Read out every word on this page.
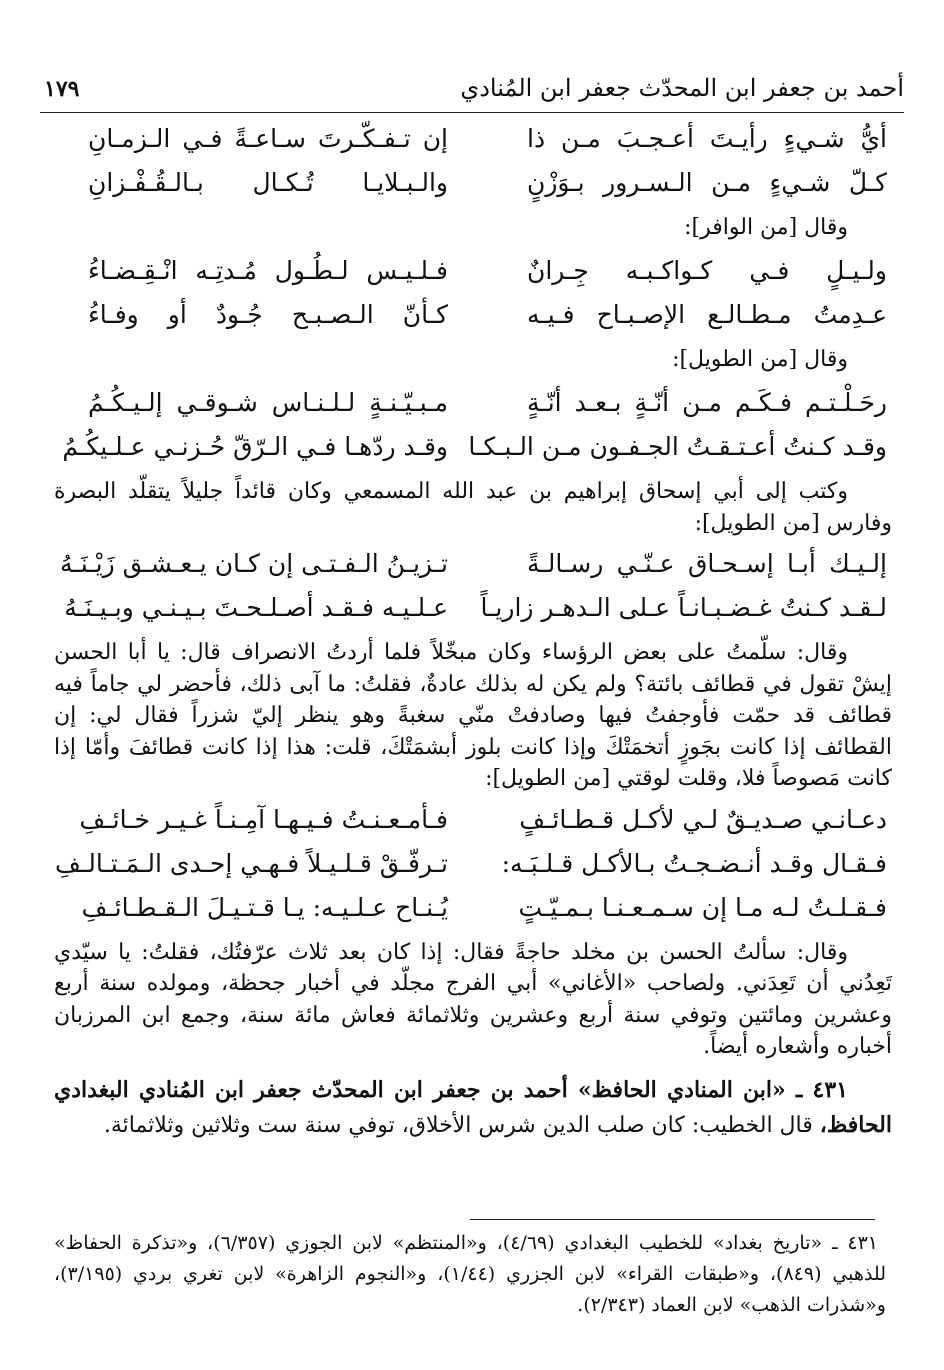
أحمد بن جعفر ابن المحدّث جعفر ابن المُنادي
١٧٩
أيُّ شـيءٍ رأيـتَ أعـجـبَ مـن ذا
إن تـفـكّـرتَ سـاعـةً فـي الـزمـانِ
كـلّ شـيءٍ مـن الـسـرور بـوَزْنٍ
والـبـلايـا تُـكـال بـالـقُـفْـزانِ
وقال [من الوافر]:
ولـيـلٍ فـي كـواكـبـه جِـرانٌ
فـلـيـس لـطُـول مُـدتِـه انْـقِـضـاءُ
عـدِمتُ مـطـالـع الإصـبـاح فـيـه
كـأنّ الـصـبـح جُـودٌ أو وفـاءُ
وقال [من الطويل]:
رحَـلْـتـم فـكَـم مـن أنّـةٍ بـعـد أنّـةٍ
مـبـيّـنـةٍ لـلـنـاس شـوقـي إلـيـكُـمُ
وقـد كـنتُ أعـتـقـتُ الجـفـون مـن الـبـكـا
وقـد ردّهـا فـي الـرّقّ حُـزنـي عـلـيكُـمُ

وكتب إلى أبي إسحاق إبراهيم بن عبد الله المسمعي وكان قائداً جليلاً يتقلّد البصرة وفارس [من الطويل]:

إلـيـك أبـا إسـحـاق عـنّـي رسـالـةً
تـزيـنُ الـفـتـى إن كـان يـعـشـق زَيْـنَـهُ
لـقـد كـنتُ غـضـبـانـاً عـلى الـدهـر زاريـاً
عـلـيـه فـقـد أصـلـحـتَ بـيـنـي وبـيـنَـهُ

وقال: سلّمتُ على بعض الرؤساء وكان مبخّلاً فلما أردتُ الانصراف قال: يا أبا الحسن إيشْ تقول في قطائف بائتة؟ ولم يكن له بذلك عادةٌ، فقلتُ: ما آبى ذلك، فأحضر لي جاماً فيه قطائف قد حمّت فأوجفتُ فيها وصادفتْ منّي سغبةً وهو ينظر إليّ شزراً فقال لي: إن القطائف إذا كانت بجَوزٍ أتخمَتْكَ وإذا كانت بلوز أبشمَتْكَ، قلت: هذا إذا كانت قطائفَ وأمّا إذا كانت مَصوصاً فلا، وقلت لوقتي [من الطويل]:

دعـانـي صـديـقٌ لـي لأكـل قـطـائـفٍ
فـأمـعـنـتُ فـيـهـا آمِـنـاً غـيـر خـائـفِ
فـقـال وقـد أنـضـجـتُ بـالأكـل قـلـبَـه:
تـرفّـقْ قـلـيـلاً فـهـي إحـدى الـمَـتـالـفِ
فـقـلـتُ لـه مـا إن سـمـعـنـا بـمـيّـتٍ
يُـنـاح عـلـيـه: يـا قـتـيـلَ الـقـطـائـفِ

وقال: سألتُ الحسن بن مخلد حاجةً فقال: إذا كان بعد ثلاث عرّفتُك، فقلتُ: يا سيّدي تَعِدُني أن تَعِدَني. ولصاحب «الأغاني» أبي الفرج مجلّد في أخبار جحظة، ومولده سنة أربع وعشرين ومائتين وتوفي سنة أربع وعشرين وثلاثمائة فعاش مائة سنة، وجمع ابن المرزبان أخباره وأشعاره أيضاً.

٤٣١ ـ «ابن المنادي الحافظ» أحمد بن جعفر ابن المحدّث جعفر ابن المُنادي البغدادي الحافظ، قال الخطيب: كان صلب الدين شرس الأخلاق، توفي سنة ست وثلاثين وثلاثمائة.

٤٣١ ـ «تاريخ بغداد» للخطيب البغدادي (٤/٦٩)، و«المنتظم» لابن الجوزي (٦/٣٥٧)، و«تذكرة الحفاظ» للذهبي (٨٤٩)، و«طبقات القراء» لابن الجزري (١/٤٤)، و«النجوم الزاهرة» لابن تغري بردي (٣/١٩٥)، و«شذرات الذهب» لابن العماد (٢/٣٤٣).
